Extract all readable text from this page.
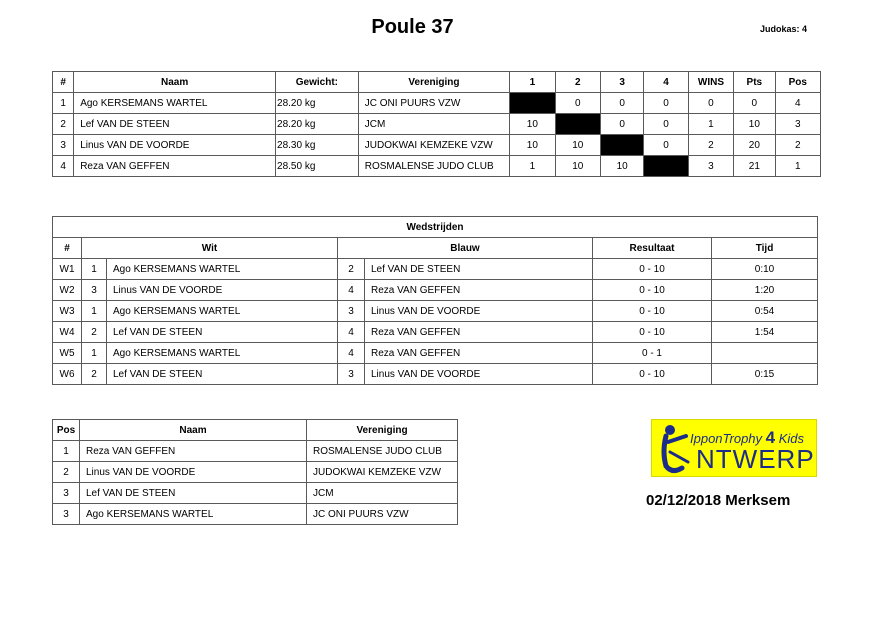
Poule 37	Judokas: 4
#	Naam	Gewicht:	Vereniging	1	2	3	4	WINS	Pts	Pos
1	Ago KERSEMANS WARTEL	28.20 kg	JC ONI PUURS VZW		0	0	0	0	0	4
2	Lef VAN DE STEEN	28.20 kg	JCM	10		0	0	1	10	3
3	Linus VAN DE VOORDE	28.30 kg	JUDOKWAI KEMZEKE VZW	10	10		0	2	20	2
4	Reza VAN GEFFEN	28.50 kg	ROSMALENSE JUDO CLUB	1	10	10		3	21	1
Wedstrijden						
#	Wit		Blauw		Resultaat	Tijd
W1	1	Ago KERSEMANS WARTEL	2	Lef VAN DE STEEN	0 - 10	0:10
W2	3	Linus VAN DE VOORDE	4	Reza VAN GEFFEN	0 - 10	1:20
W3	1	Ago KERSEMANS WARTEL	3	Linus VAN DE VOORDE	0 - 10	0:54
W4	2	Lef VAN DE STEEN	4	Reza VAN GEFFEN	0 - 10	1:54
W5	1	Ago KERSEMANS WARTEL	4	Reza VAN GEFFEN	0 - 1	
W6	2	Lef VAN DE STEEN	3	Linus VAN DE VOORDE	0 - 10	0:15
Pos	Naam	Vereniging
1	Reza VAN GEFFEN	ROSMALENSE JUDO CLUB
2	Linus VAN DE VOORDE	JUDOKWAI KEMZEKE VZW
3	Lef VAN DE STEEN	JCM
3	Ago KERSEMANS WARTEL	JC ONI PUURS VZW
IpponTrophy 4 Kids
NTWERP
02/12/2018 Merksem
